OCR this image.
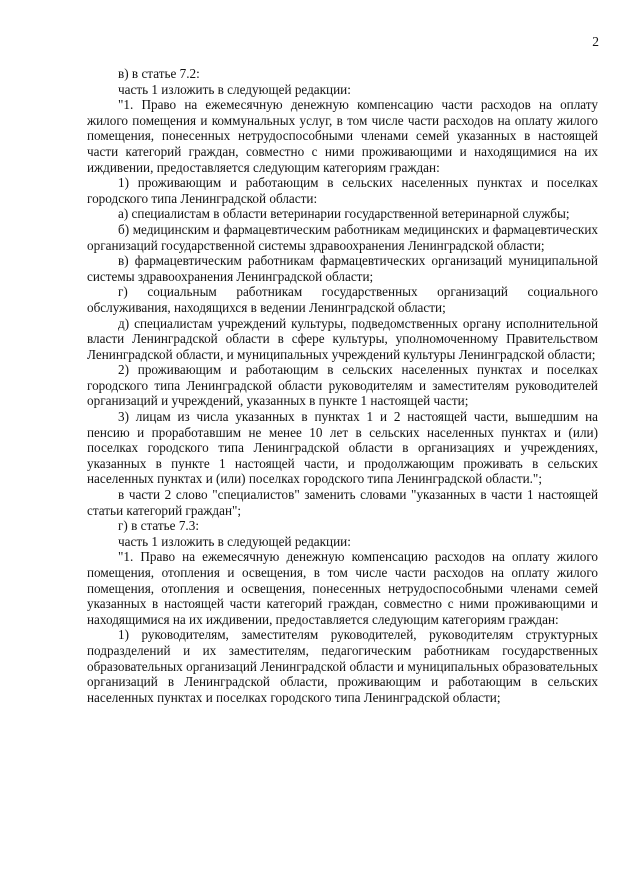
2

в) в статье 7.2:

часть 1 изложить в следующей редакции:

"1. Право на ежемесячную денежную компенсацию части расходов на оплату жилого помещения и коммунальных услуг, в том числе части расходов на оплату жилого помещения, понесенных нетрудоспособными членами семей указанных в настоящей части категорий граждан, совместно с ними проживающими и находящимися на их иждивении, предоставляется следующим категориям граждан:

1) проживающим и работающим в сельских населенных пунктах и поселках городского типа Ленинградской области:

а) специалистам в области ветеринарии государственной ветеринарной службы;

б) медицинским и фармацевтическим работникам медицинских и фармацевтических организаций государственной системы здравоохранения Ленинградской области;

в) фармацевтическим работникам фармацевтических организаций муниципальной системы здравоохранения Ленинградской области;

г) социальным работникам государственных организаций социального обслуживания, находящихся в ведении Ленинградской области;

д) специалистам учреждений культуры, подведомственных органу исполнительной власти Ленинградской области в сфере культуры, уполномоченному Правительством Ленинградской области, и муниципальных учреждений культуры Ленинградской области;

2) проживающим и работающим в сельских населенных пунктах и поселках городского типа Ленинградской области руководителям и заместителям руководителей организаций и учреждений, указанных в пункте 1 настоящей части;

3) лицам из числа указанных в пунктах 1 и 2 настоящей части, вышедшим на пенсию и проработавшим не менее 10 лет в сельских населенных пунктах и (или) поселках городского типа Ленинградской области в организациях и учреждениях, указанных в пункте 1 настоящей части, и продолжающим проживать в сельских населенных пунктах и (или) поселках городского типа Ленинградской области.";

в части 2 слово "специалистов" заменить словами "указанных в части 1 настоящей статьи категорий граждан";

г) в статье 7.3:

часть 1 изложить в следующей редакции:

"1. Право на ежемесячную денежную компенсацию расходов на оплату жилого помещения, отопления и освещения, в том числе части расходов на оплату жилого помещения, отопления и освещения, понесенных нетрудоспособными членами семей указанных в настоящей части категорий граждан, совместно с ними проживающими и находящимися на их иждивении, предоставляется следующим категориям граждан:

1) руководителям, заместителям руководителей, руководителям структурных подразделений и их заместителям, педагогическим работникам государственных образовательных организаций Ленинградской области и муниципальных образовательных организаций в Ленинградской области, проживающим и работающим в сельских населенных пунктах и поселках городского типа Ленинградской области;
